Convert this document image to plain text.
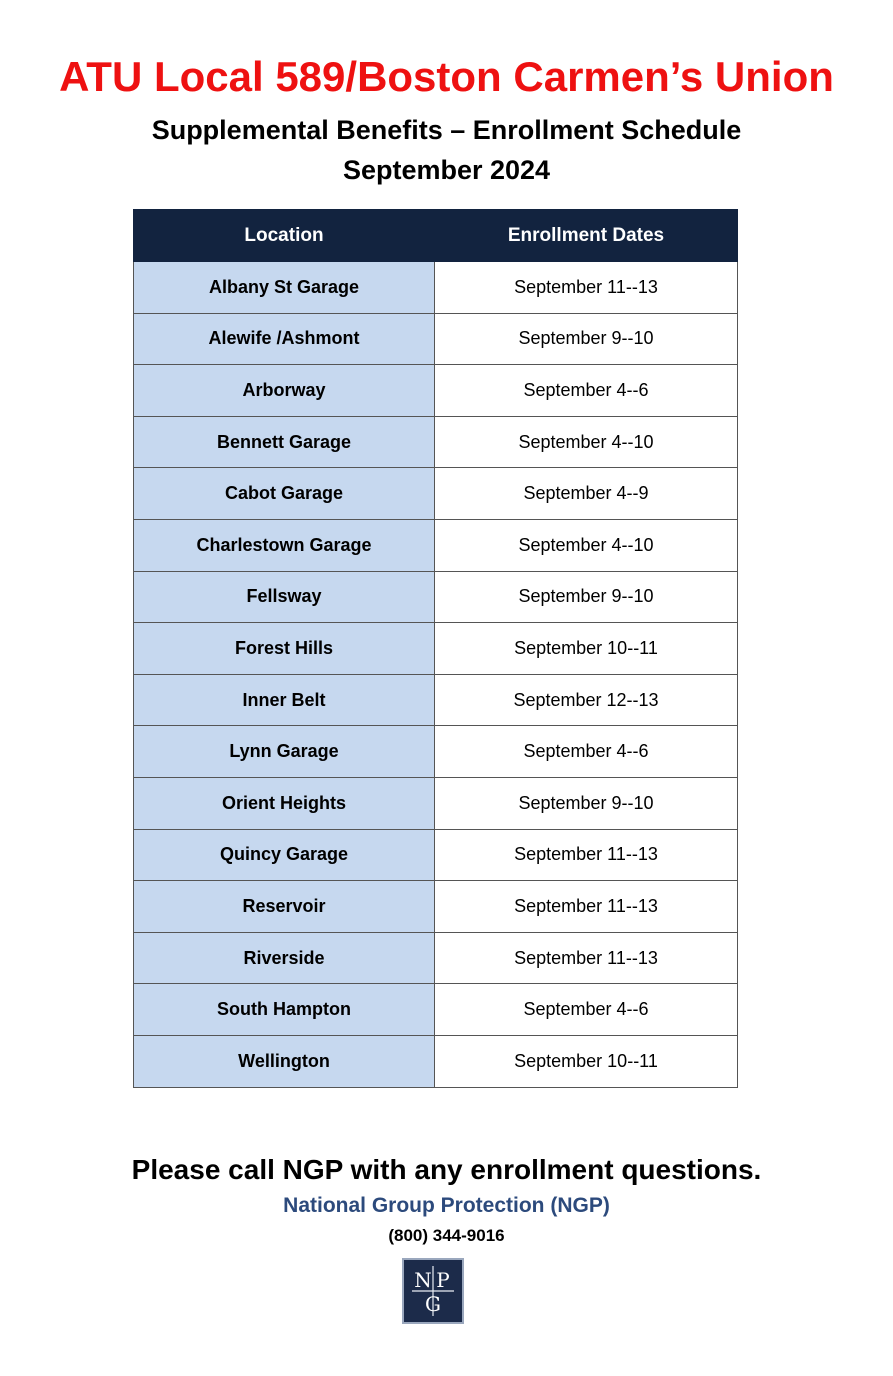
ATU Local 589/Boston Carmen’s Union
Supplemental Benefits – Enrollment Schedule
September 2024
Location	Enrollment Dates
Albany St Garage	September 11--13
Alewife /Ashmont	September 9--10
Arborway	September 4--6
Bennett Garage	September 4--10
Cabot Garage	September 4--9
Charlestown Garage	September 4--10
Fellsway	September 9--10
Forest Hills	September 10--11
Inner Belt	September 12--13
Lynn Garage	September 4--6
Orient Heights	September 9--10
Quincy Garage	September 11--13
Reservoir	September 11--13
Riverside	September 11--13
South Hampton	September 4--6
Wellington	September 10--11
Please call NGP with any enrollment questions.
National Group Protection (NGP)
(800) 344-9016
N P
G
